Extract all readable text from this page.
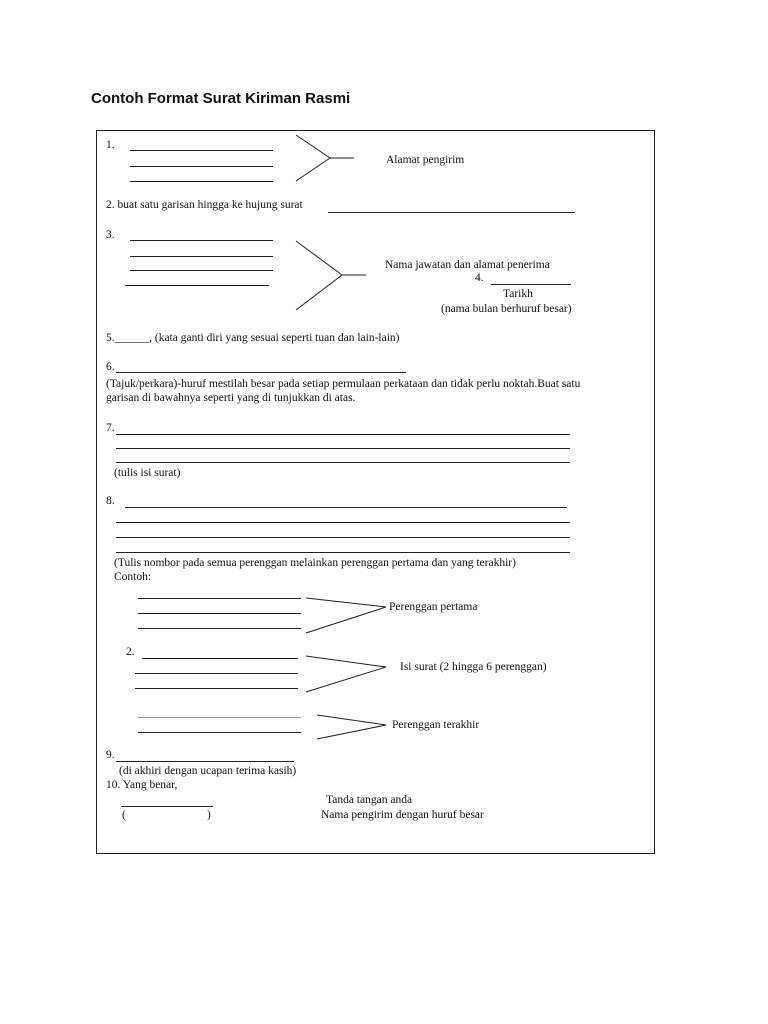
Contoh Format Surat Kiriman Rasmi
1.
Alamat pengirim
2. buat satu garisan hingga ke hujung surat
3.
Nama jawatan dan alamat penerima
4.
Tarikh
(nama bulan berhuruf besar)
5.______, (kata ganti diri yang sesuai seperti tuan dan lain-lain)
6.
(Tajuk/perkara)-huruf mestilah besar pada setiap permulaan perkataan dan tidak perlu noktah.Buat satu
garisan di bawahnya seperti yang di tunjukkan di atas.
7.
(tulis isi surat)
8.
(Tulis nombor pada semua perenggan melainkan perenggan pertama dan yang terakhir)
Contoh:
Perenggan pertama
2.
Isi surat (2 hingga 6 perenggan)
Perenggan terakhir
9.
(di akhiri dengan ucapan terima kasih)
10. Yang benar,
Tanda tangan anda
(	)	Nama pengirim dengan huruf besar
